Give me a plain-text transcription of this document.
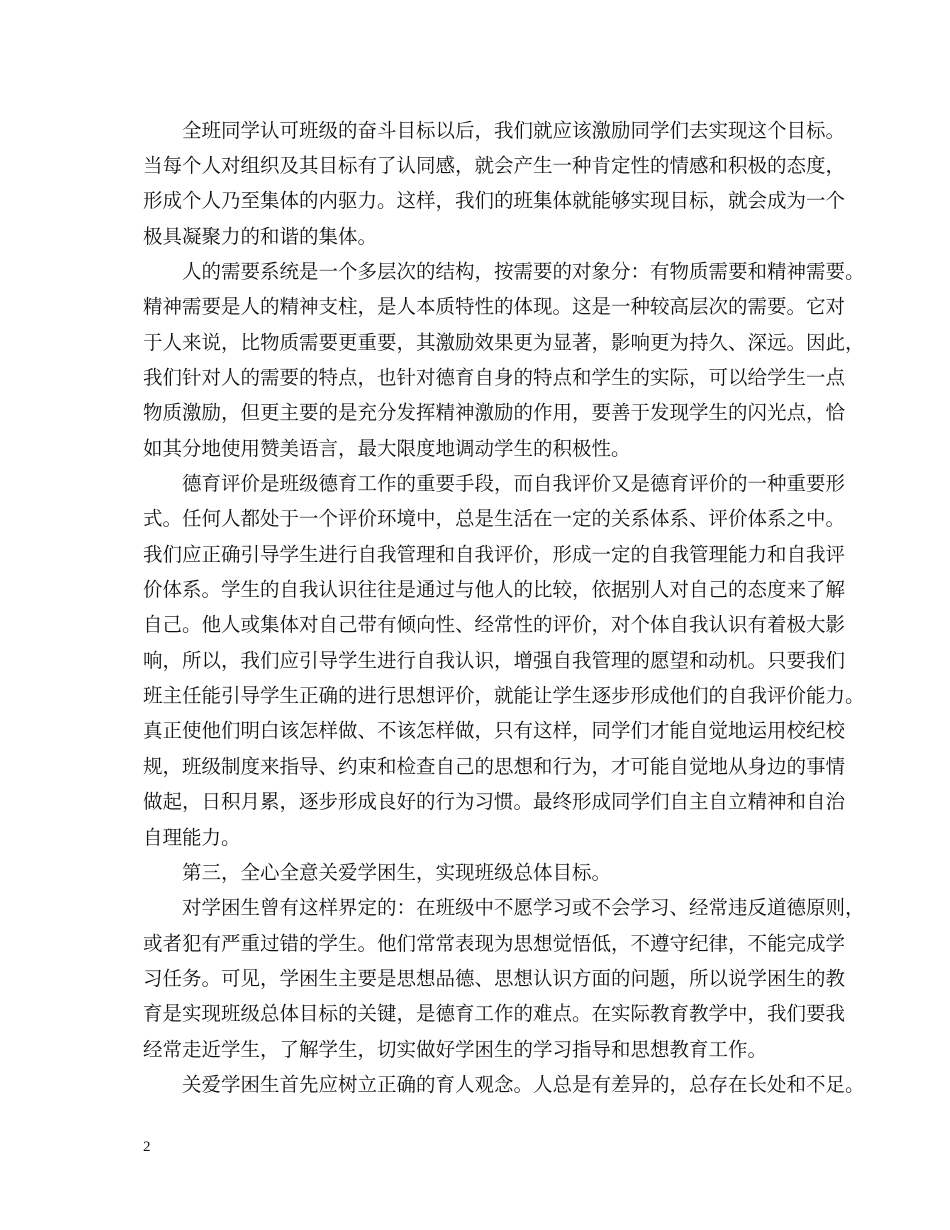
　　全班同学认可班级的奋斗目标以后，我们就应该激励同学们去实现这个目标。
当每个人对组织及其目标有了认同感，就会产生一种肯定性的情感和积极的态度，
形成个人乃至集体的内驱力。这样，我们的班集体就能够实现目标，就会成为一个
极具凝聚力的和谐的集体。
　　人的需要系统是一个多层次的结构，按需要的对象分：有物质需要和精神需要。
精神需要是人的精神支柱，是人本质特性的体现。这是一种较高层次的需要。它对
于人来说，比物质需要更重要，其激励效果更为显著，影响更为持久、深远。因此，
我们针对人的需要的特点，也针对德育自身的特点和学生的实际，可以给学生一点
物质激励，但更主要的是充分发挥精神激励的作用，要善于发现学生的闪光点，恰
如其分地使用赞美语言，最大限度地调动学生的积极性。
　　德育评价是班级德育工作的重要手段，而自我评价又是德育评价的一种重要形
式。任何人都处于一个评价环境中，总是生活在一定的关系体系、评价体系之中。
我们应正确引导学生进行自我管理和自我评价，形成一定的自我管理能力和自我评
价体系。学生的自我认识往往是通过与他人的比较，依据别人对自己的态度来了解
自己。他人或集体对自己带有倾向性、经常性的评价，对个体自我认识有着极大影
响，所以，我们应引导学生进行自我认识，增强自我管理的愿望和动机。只要我们
班主任能引导学生正确的进行思想评价，就能让学生逐步形成他们的自我评价能力。
真正使他们明白该怎样做、不该怎样做，只有这样，同学们才能自觉地运用校纪校
规，班级制度来指导、约束和检查自己的思想和行为，才可能自觉地从身边的事情
做起，日积月累，逐步形成良好的行为习惯。最终形成同学们自主自立精神和自治
自理能力。
　　第三，全心全意关爱学困生，实现班级总体目标。
　　对学困生曾有这样界定的：在班级中不愿学习或不会学习、经常违反道德原则，
或者犯有严重过错的学生。他们常常表现为思想觉悟低，不遵守纪律，不能完成学
习任务。可见，学困生主要是思想品德、思想认识方面的问题，所以说学困生的教
育是实现班级总体目标的关键，是德育工作的难点。在实际教育教学中，我们要我
经常走近学生，了解学生，切实做好学困生的学习指导和思想教育工作。
　　关爱学困生首先应树立正确的育人观念。人总是有差异的，总存在长处和不足。
2
